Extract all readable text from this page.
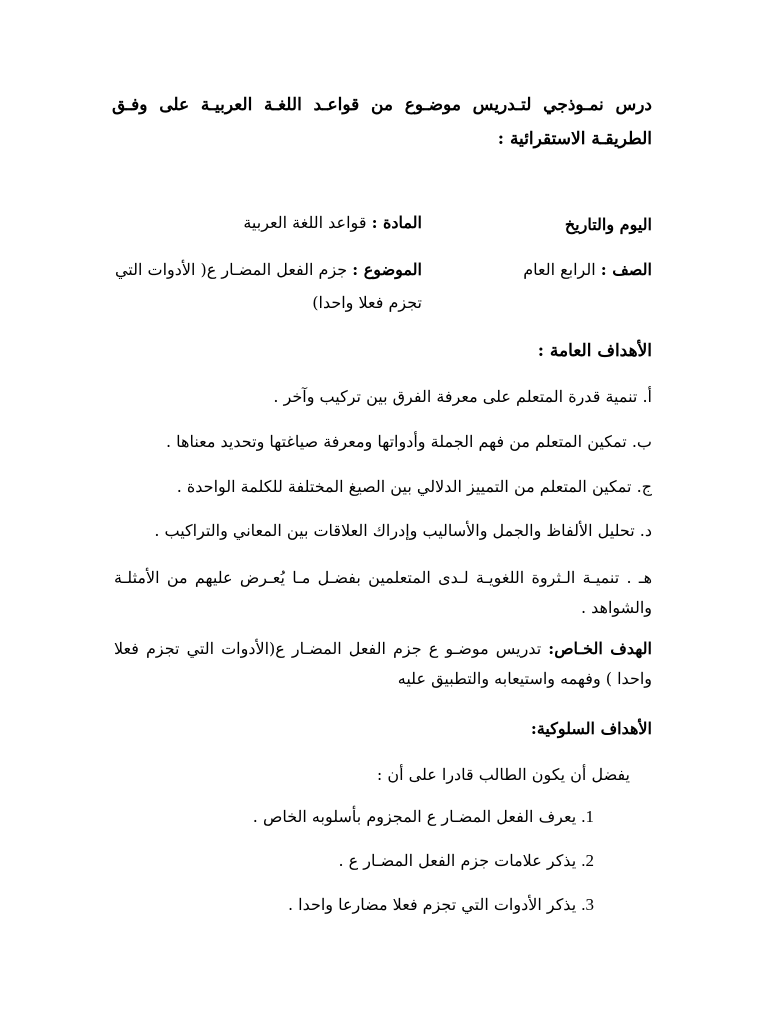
درس نمـوذجي لتـدريس موضـوع من قواعـد اللغـة العربيـة على وفـق الطريقـة الاستقرائية :
اليوم والتاريخ
المادة : قواعد اللغة العربية
الصف : الرابع العام
الموضوع : جزم الفعل المضـار ع( الأدوات التي
تجزم فعلا واحدا)
الأهداف العامة :
أ. تنمية قدرة المتعلم على معرفة الفرق بين تركيب وآخر .
ب. تمكين المتعلم من فهم الجملة وأدواتها ومعرفة صياغتها وتحديد معناها .
ج. تمكين المتعلم من التمييز الدلالي بين الصيغ المختلفة للكلمة الواحدة .
د. تحليل الألفاظ والجمل والأساليب وإدراك العلاقات بين المعاني والتراكيب .
هـ . تنميـة الـثروة اللغويـة لـدى المتعلمين بفضـل مـا يُعـرض عليهم من الأمثلـة والشواهد .
الهدف الخـاص: تدريس موضـو ع جزم الفعل المضـار ع(الأدوات التي تجزم فعلا واحدا ) وفهمه واستيعابه والتطبيق عليه
الأهداف السلوكية:
يفضل أن يكون الطالب قادرا على أن :
1. يعرف الفعل المضـار ع المجزوم بأسلوبه الخاص .
2. يذكر علامات جزم الفعل المضـار ع .
3. يذكر الأدوات التي تجزم فعلا مضارعا واحدا .
